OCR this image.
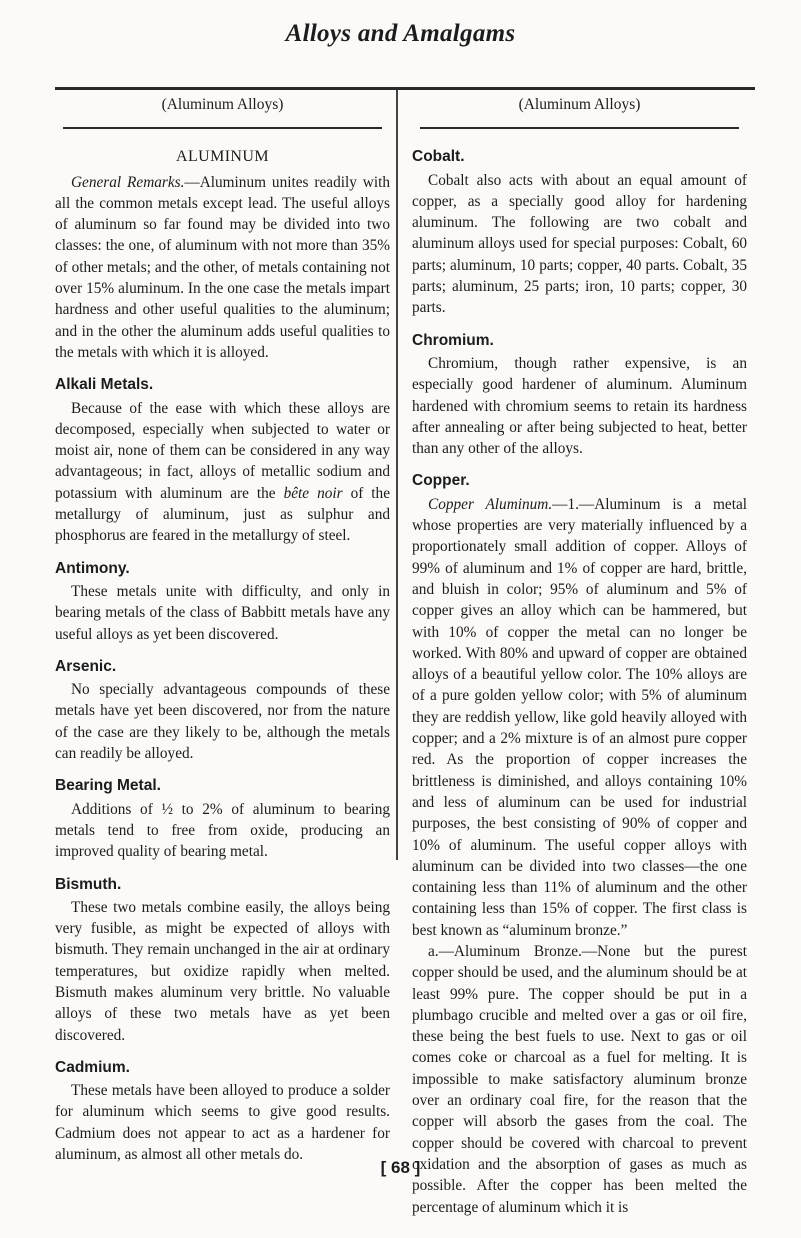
Alloys and Amalgams
(Aluminum Alloys)
ALUMINUM

General Remarks.—Aluminum unites readily with all the common metals except lead. The useful alloys of aluminum so far found may be divided into two classes: the one, of aluminum with not more than 35% of other metals; and the other, of metals containing not over 15% aluminum. In the one case the metals impart hardness and other useful qualities to the aluminum; and in the other the aluminum adds useful qualities to the metals with which it is alloyed.

Alkali Metals.

Because of the ease with which these alloys are decomposed, especially when subjected to water or moist air, none of them can be considered in any way advantageous; in fact, alloys of metallic sodium and potassium with aluminum are the bête noir of the metallurgy of aluminum, just as sulphur and phosphorus are feared in the metallurgy of steel.

Antimony.

These metals unite with difficulty, and only in bearing metals of the class of Babbitt metals have any useful alloys as yet been discovered.

Arsenic.

No specially advantageous compounds of these metals have yet been discovered, nor from the nature of the case are they likely to be, although the metals can readily be alloyed.

Bearing Metal.

Additions of ½ to 2% of aluminum to bearing metals tend to free from oxide, producing an improved quality of bearing metal.

Bismuth.

These two metals combine easily, the alloys being very fusible, as might be expected of alloys with bismuth. They remain unchanged in the air at ordinary temperatures, but oxidize rapidly when melted. Bismuth makes aluminum very brittle. No valuable alloys of these two metals have as yet been discovered.

Cadmium.

These metals have been alloyed to produce a solder for aluminum which seems to give good results. Cadmium does not appear to act as a hardener for aluminum, as almost all other metals do.

(Aluminum Alloys)
Cobalt.

Cobalt also acts with about an equal amount of copper, as a specially good alloy for hardening aluminum. The following are two cobalt and aluminum alloys used for special purposes: Cobalt, 60 parts; aluminum, 10 parts; copper, 40 parts. Cobalt, 35 parts; aluminum, 25 parts; iron, 10 parts; copper, 30 parts.

Chromium.

Chromium, though rather expensive, is an especially good hardener of aluminum. Aluminum hardened with chromium seems to retain its hardness after annealing or after being subjected to heat, better than any other of the alloys.

Copper.

Copper Aluminum.—1.—Aluminum is a metal whose properties are very materially influenced by a proportionately small addition of copper. Alloys of 99% of aluminum and 1% of copper are hard, brittle, and bluish in color; 95% of aluminum and 5% of copper gives an alloy which can be hammered, but with 10% of copper the metal can no longer be worked. With 80% and upward of copper are obtained alloys of a beautiful yellow color. The 10% alloys are of a pure golden yellow color; with 5% of aluminum they are reddish yellow, like gold heavily alloyed with copper; and a 2% mixture is of an almost pure copper red. As the proportion of copper increases the brittleness is diminished, and alloys containing 10% and less of aluminum can be used for industrial purposes, the best consisting of 90% of copper and 10% of aluminum. The useful copper alloys with aluminum can be divided into two classes—the one containing less than 11% of aluminum and the other containing less than 15% of copper. The first class is best known as “aluminum bronze.”

a.—Aluminum Bronze.—None but the purest copper should be used, and the aluminum should be at least 99% pure. The copper should be put in a plumbago crucible and melted over a gas or oil fire, these being the best fuels to use. Next to gas or oil comes coke or charcoal as a fuel for melting. It is impossible to make satisfactory aluminum bronze over an ordinary coal fire, for the reason that the copper will absorb the gases from the coal. The copper should be covered with charcoal to prevent oxidation and the absorption of gases as much as possible. After the copper has been melted the percentage of aluminum which it is

[ 68 ]
